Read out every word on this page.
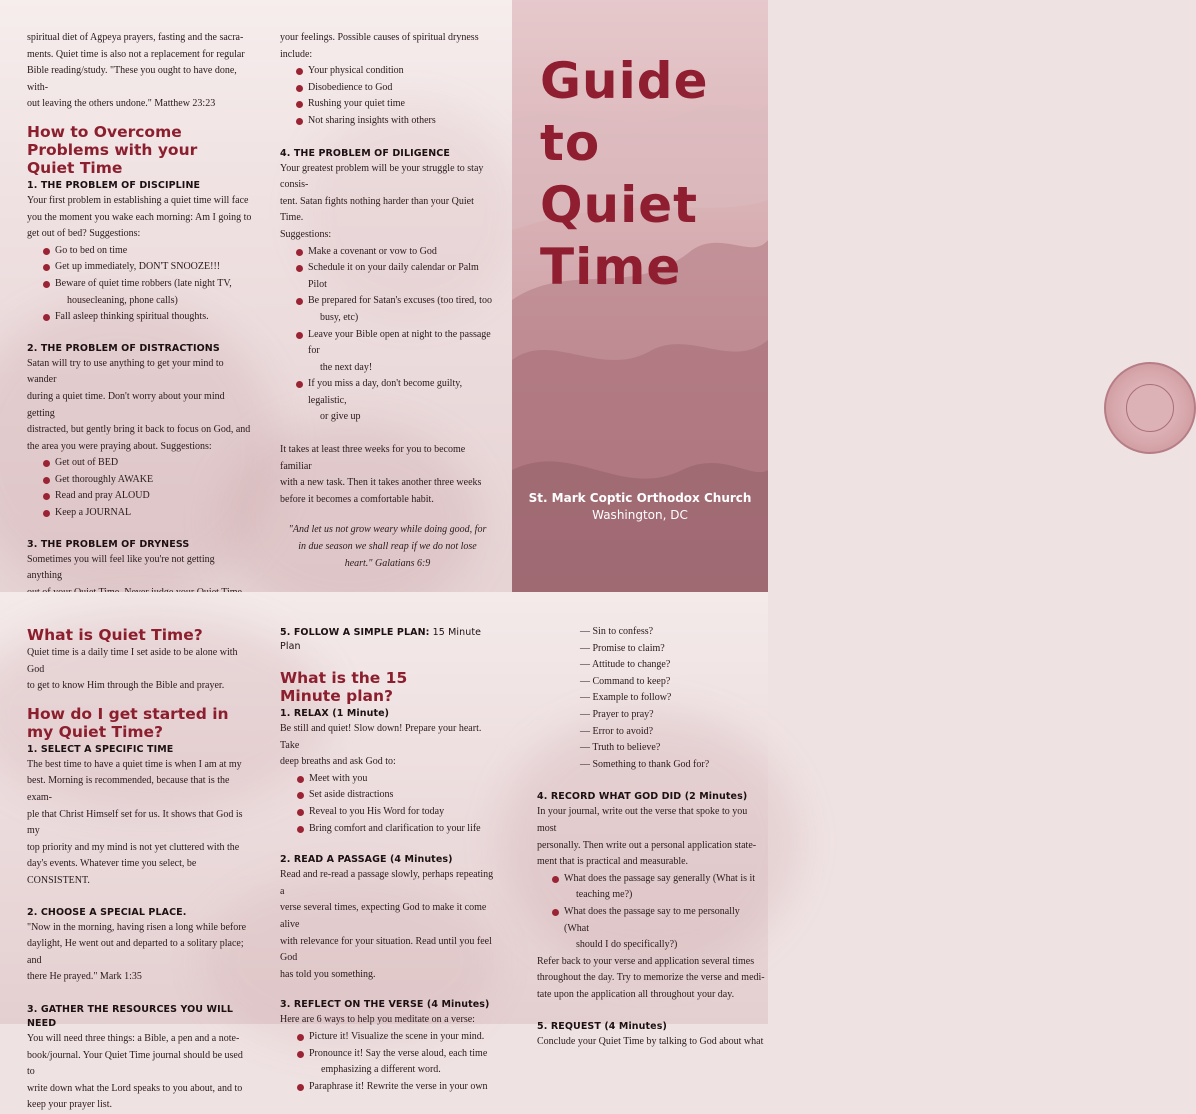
spiritual diet of Agpeya prayers, fasting and the sacra-
ments. Quiet time is also not a replacement for regular
Bible reading/study. "These you ought to have done, with-
out leaving the others undone." Matthew 23:23
How to Overcome Problems with your Quiet Time
1. THE PROBLEM OF DISCIPLINE
Your first problem in establishing a quiet time will face
you the moment you wake each morning: Am I going to
get out of bed? Suggestions:
Go to bed on time
Get up immediately, DON'T SNOOZE!!!
Beware of quiet time robbers (late night TV,
housecleaning, phone calls)
Fall asleep thinking spiritual thoughts.
2. THE PROBLEM OF DISTRACTIONS
Satan will try to use anything to get your mind to wander
during a quiet time. Don't worry about your mind getting
distracted, but gently bring it back to focus on God, and
the area you were praying about. Suggestions:
Get out of BED
Get thoroughly AWAKE
Read and pray ALOUD
Keep a JOURNAL
3. THE PROBLEM OF DRYNESS
Sometimes you will feel like you're not getting anything
your feelings. Possible causes of spiritual dryness
include:
Your physical condition
Disobedience to God
Rushing your quiet time
Not sharing insights with others
4. THE PROBLEM OF DILIGENCE
Your greatest problem will be your struggle to stay consis-
tent. Satan fights nothing harder than your Quiet Time.
Suggestions:
Make a covenant or vow to God
Schedule it on your daily calendar or Palm Pilot
Be prepared for Satan's excuses (too tired, too
busy, etc)
Leave your Bible open at night to the passage for
the next day!
If you miss a day, don't become guilty, legalistic,
or give up
It takes at least three weeks for you to become familiar
with a new task. Then it takes another three weeks
before it becomes a comfortable habit.
"And let us not grow weary while doing good, for
in due season we shall reap if we do not lose
heart." Galatians 6:9
Guide
to
Quiet
Time
St. Mark Coptic Orthodox Church
Washington, DC
What is Quiet Time?
Quiet time is a daily time I set aside to be alone with God
to get to know Him through the Bible and prayer.
How do I get started in my Quiet Time?
1. SELECT A SPECIFIC TIME
The best time to have a quiet time is when I am at my
best. Morning is recommended, because that is the exam-
ple that Christ Himself set for us. It shows that God is my
top priority and my mind is not yet cluttered with the
day's events. Whatever time you select, be CONSISTENT.
2. CHOOSE A SPECIAL PLACE.
"Now in the morning, having risen a long while before
daylight, He went out and departed to a solitary place; and
there He prayed." Mark 1:35
3. GATHER THE RESOURCES YOU WILL NEED
You will need three things: a Bible, a pen and a note-
book/journal. Your Quiet Time journal should be used to
write down what the Lord speaks to you about, and to
keep your prayer list.
5. FOLLOW A SIMPLE PLAN: 15 Minute Plan
What is the 15 Minute plan?
1. RELAX (1 Minute)
Be still and quiet! Slow down! Prepare your heart. Take
deep breaths and ask God to:
Meet with you
Set aside distractions
Reveal to you His Word for today
Bring comfort and clarification to your life
2. READ A PASSAGE (4 Minutes)
Read and re-read a passage slowly, perhaps repeating a
verse several times, expecting God to make it come alive
with relevance for your situation. Read until you feel God
has told you something.
3. REFLECT ON THE VERSE (4 Minutes)
Here are 6 ways to help you meditate on a verse:
Picture it! Visualize the scene in your mind.
Pronounce it! Say the verse aloud, each time
emphasizing a different word.
Paraphrase it! Rewrite the verse in your own
— Sin to confess?
— Promise to claim?
— Attitude to change?
— Command to keep?
— Example to follow?
— Prayer to pray?
— Error to avoid?
— Truth to believe?
— Something to thank God for?
4. RECORD WHAT GOD DID (2 Minutes)
In your journal, write out the verse that spoke to you most
personally. Then write out a personal application state-
ment that is practical and measurable.
What does the passage say generally (What is it
teaching me?)
What does the passage say to me personally (What
should I do specifically?)
Refer back to your verse and application several times
throughout the day. Try to memorize the verse and medi-
tate upon the application all throughout your day.
5. REQUEST (4 Minutes)
Conclude your Quiet Time by talking to God about what
